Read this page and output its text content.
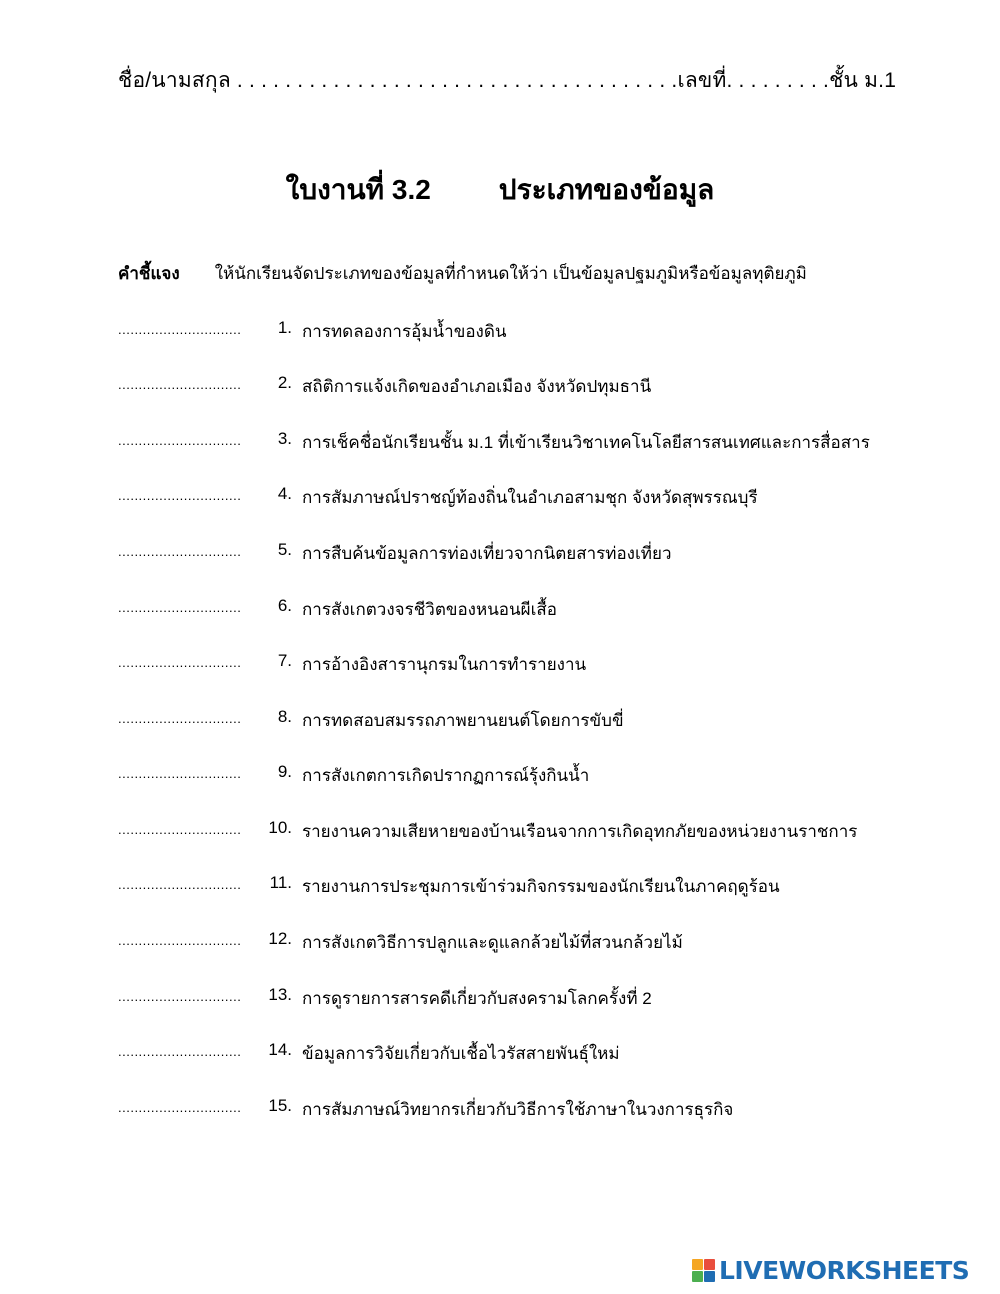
ชื่อ/นามสกุล . . . . . . . . . . . . . . . . . . . . . . . . . . . . . . . . . . . . .เลขที่. . . . . . . . .ชั้น ม.1
ใบงานที่ 3.2 ประเภทของข้อมูล
คำชี้แจง ให้นักเรียนจัดประเภทของข้อมูลที่กำหนดให้ว่า เป็นข้อมูลปฐมภูมิหรือข้อมูลทุติยภูมิ
..............................	1. การทดลองการอุ้มน้ำของดิน
..............................	2. สถิติการแจ้งเกิดของอำเภอเมือง จังหวัดปทุมธานี
..............................	3. การเช็คชื่อนักเรียนชั้น ม.1 ที่เข้าเรียนวิชาเทคโนโลยีสารสนเทศและการสื่อสาร
..............................	4. การสัมภาษณ์ปราชญ์ท้องถิ่นในอำเภอสามชุก จังหวัดสุพรรณบุรี
..............................	5. การสืบค้นข้อมูลการท่องเที่ยวจากนิตยสารท่องเที่ยว
..............................	6. การสังเกตวงจรชีวิตของหนอนผีเสื้อ
..............................	7. การอ้างอิงสารานุกรมในการทำรายงาน
..............................	8. การทดสอบสมรรถภาพยานยนต์โดยการขับขี่
..............................	9. การสังเกตการเกิดปรากฏการณ์รุ้งกินน้ำ
..............................	10. รายงานความเสียหายของบ้านเรือนจากการเกิดอุทกภัยของหน่วยงานราชการ
..............................	11. รายงานการประชุมการเข้าร่วมกิจกรรมของนักเรียนในภาคฤดูร้อน
..............................	12. การสังเกตวิธีการปลูกและดูแลกล้วยไม้ที่สวนกล้วยไม้
..............................	13. การดูรายการสารคดีเกี่ยวกับสงครามโลกครั้งที่ 2
..............................	14. ข้อมูลการวิจัยเกี่ยวกับเชื้อไวรัสสายพันธุ์ใหม่
..............................	15. การสัมภาษณ์วิทยากรเกี่ยวกับวิธีการใช้ภาษาในวงการธุรกิจ
LIVEWORKSHEETS
